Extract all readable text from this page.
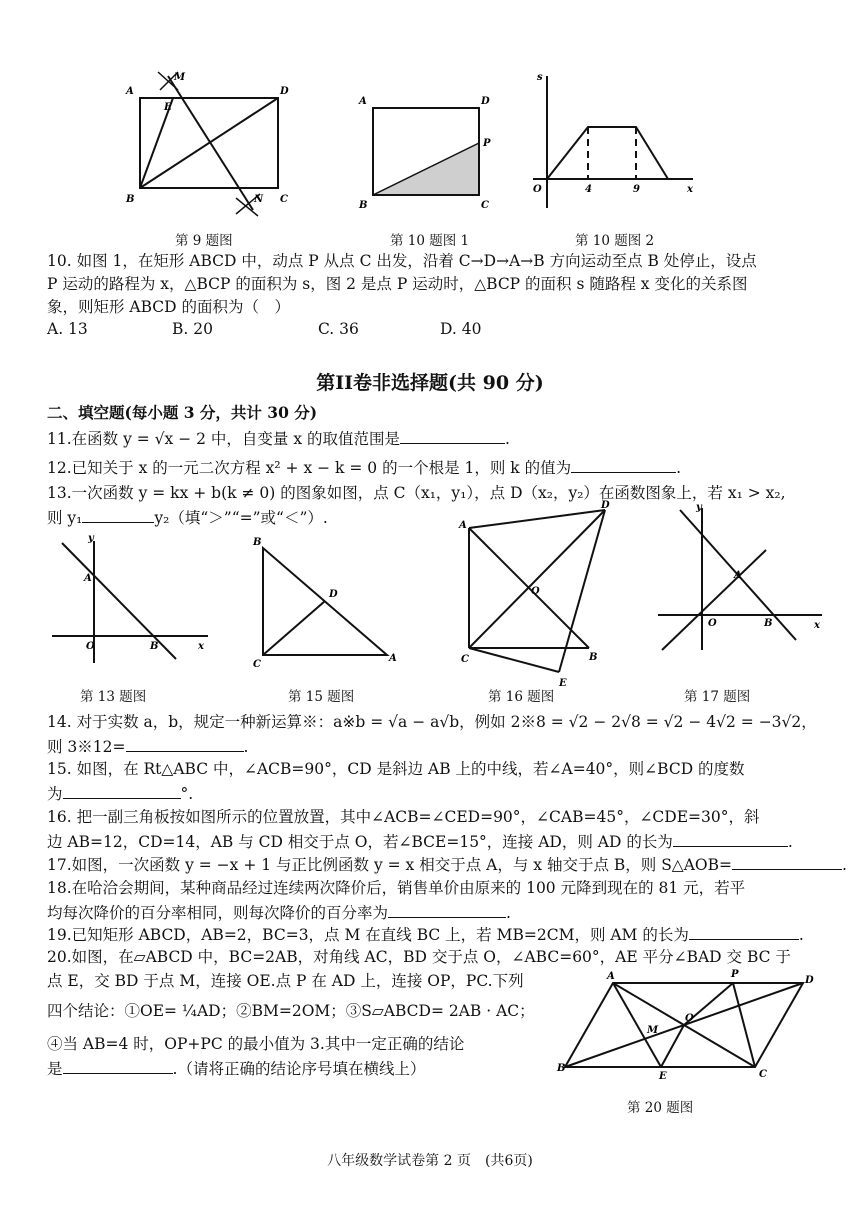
A
M
E
D
B	N C
第 9 题图
A	D
P
B	C
第 10 题图 1
s
O	4	9	x
第 10 题图 2
10. 如图 1，在矩形 ABCD 中，动点 P 从点 C 出发，沿着 C→D→A→B 方向运动至点 B 处停止，设点
P 运动的路程为 x，△BCP 的面积为 s，图 2 是点 P 运动时，△BCP 的面积 s 随路程 x 变化的关系图
象，则矩形 ABCD 的面积为（　）
A. 13	B. 20	C. 36	D. 40
第II卷非选择题(共 90 分)
二、填空题(每小题 3 分，共计 30 分)
11.在函数 y = √x − 2 中，自变量 x 的取值范围是	.
12.已知关于 x 的一元二次方程 x² + x − k = 0 的一个根是 1，则 k 的值为	.
13.一次函数 y = kx + b(k ≠ 0) 的图象如图，点 C（x₁，y₁），点 D（x₂，y₂）在函数图象上，若 x₁ > x₂,
则 y₁	y₂（填“＞”“=”或“＜”）.
y
A
O	B	x
第 13 题图
B
D
C
A
第 15 题图
A
D
O
C	B
E
第 16 题图
y
A
O	B	x
第 17 题图
14. 对于实数 a，b，规定一种新运算※：a※b = √a − a√b，例如 2※8 = √2 − 2√8 = √2 − 4√2 = −3√2，
则 3※12=	.
15. 如图，在 Rt△ABC 中，∠ACB=90°，CD 是斜边 AB 上的中线，若∠A=40°，则∠BCD 的度数
为	°.
16. 把一副三角板按如图所示的位置放置，其中∠ACB=∠CED=90°，∠CAB=45°，∠CDE=30°，斜
边 AB=12，CD=14，AB 与 CD 相交于点 O，若∠BCE=15°，连接 AD，则 AD 的长为	.
17.如图，一次函数 y = −x + 1 与正比例函数 y = x 相交于点 A，与 x 轴交于点 B，则 S△AOB=	.
18.在哈洽会期间，某种商品经过连续两次降价后，销售单价由原来的 100 元降到现在的 81 元，若平
均每次降价的百分率相同，则每次降价的百分率为	.
19.已知矩形 ABCD，AB=2，BC=3，点 M 在直线 BC 上，若 MB=2CM，则 AM 的长为	.
20.如图，在▱ABCD 中，BC=2AB，对角线 AC，BD 交于点 O，∠ABC=60°，AE 平分∠BAD 交 BC 于
点 E，交 BD 于点 M，连接 OE.点 P 在 AD 上，连接 OP，PC.下列
四个结论：①OE= ¼AD；②BM=2OM；③S▱ABCD= 2AB · AC；
④当 AB=4 时，OP+PC 的最小值为 3.其中一定正确的结论
是	.（请将正确的结论序号填在横线上）
A	P
D
M
O
B
E	C
第 20 题图
八年级数学试卷第 2 页　(共6页)
